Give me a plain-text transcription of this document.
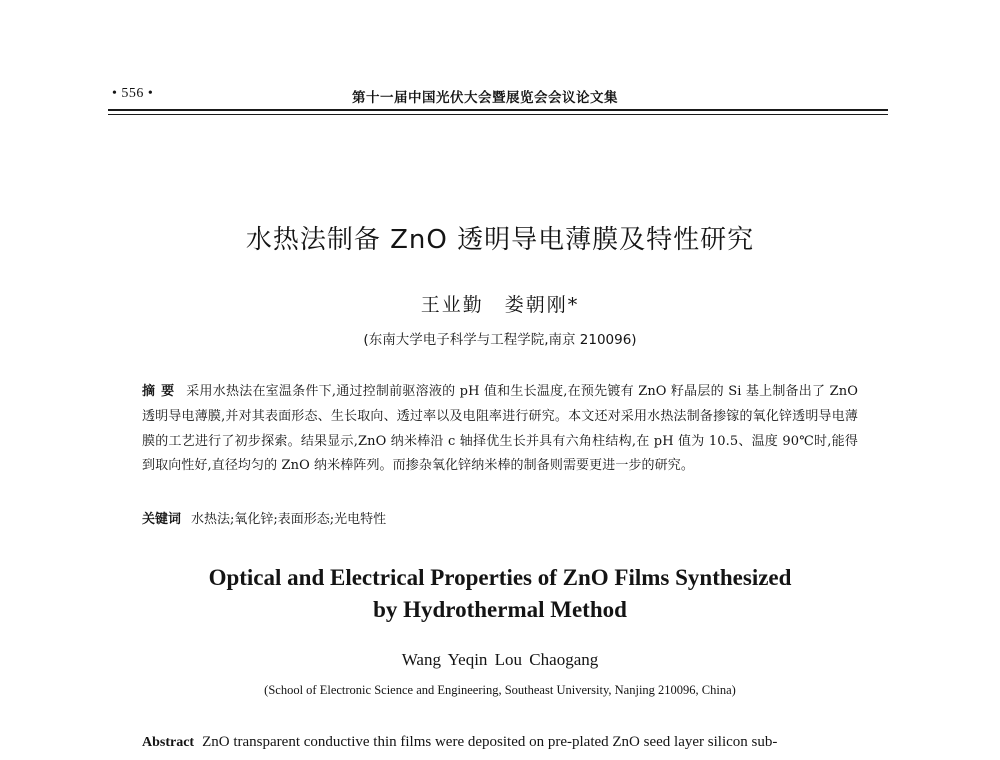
• 556 •	第十一届中国光伏大会暨展览会会议论文集
水热法制备 ZnO 透明导电薄膜及特性研究
王业勤　娄朝刚*
(东南大学电子科学与工程学院,南京 210096)
摘要 采用水热法在室温条件下,通过控制前驱溶液的 pH 值和生长温度,在预先镀有 ZnO 籽晶层的 Si 基上制备出了 ZnO 透明导电薄膜,并对其表面形态、生长取向、透过率以及电阻率进行研究。本文还对采用水热法制备掺镓的氧化锌透明导电薄膜的工艺进行了初步探索。结果显示,ZnO 纳米棒沿 c 轴择优生长并具有六角柱结构,在 pH 值为 10.5、温度 90℃时,能得到取向性好,直径均匀的 ZnO 纳米棒阵列。而掺杂氧化锌纳米棒的制备则需要更进一步的研究。
关键词 水热法;氧化锌;表面形态;光电特性
Optical and Electrical Properties of ZnO Films Synthesized
by Hydrothermal Method
Wang Yeqin Lou Chaogang
(School of Electronic Science and Engineering, Southeast University, Nanjing 210096, China)
Abstract ZnO transparent conductive thin films were deposited on pre-plated ZnO seed layer silicon sub-
